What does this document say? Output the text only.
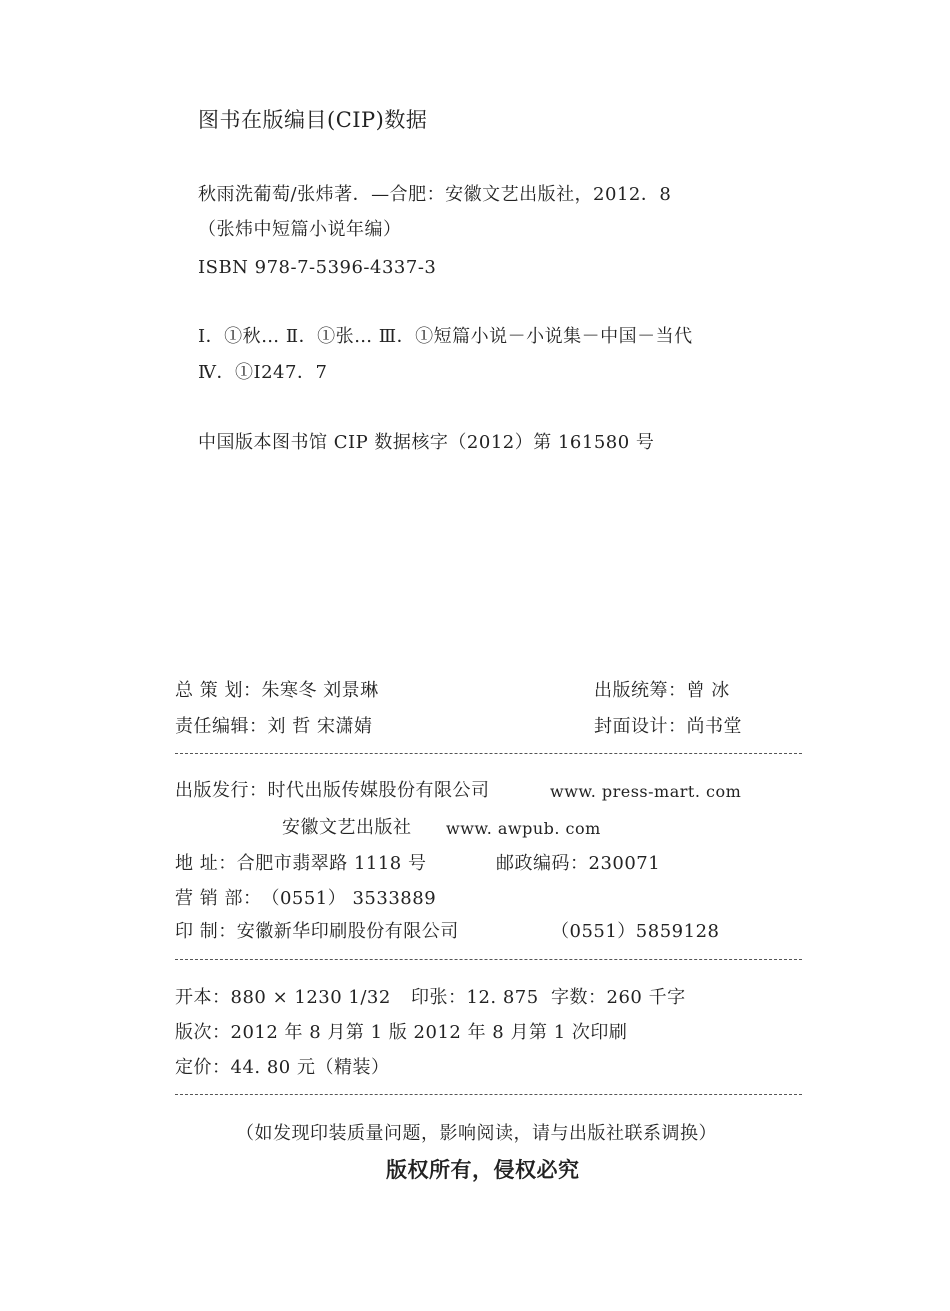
图书在版编目(CIP)数据
秋雨洗葡萄/张炜著．—合肥：安徽文艺出版社，2012．8
（张炜中短篇小说年编）
ISBN 978-7-5396-4337-3
Ⅰ．①秋… Ⅱ．①张… Ⅲ．①短篇小说－小说集－中国－当代
Ⅳ．①I247．7
中国版本图书馆 CIP 数据核字（2012）第 161580 号
总 策 划：朱寒冬 刘景琳	出版统筹：曾 冰
责任编辑：刘 哲 宋潇婧	封面设计：尚书堂
出版发行：时代出版传媒股份有限公司	www. press-mart. com
安徽文艺出版社 www. awpub. com
地 址：合肥市翡翠路 1118 号	邮政编码：230071
营 销 部：（0551） 3533889
印 制：安徽新华印刷股份有限公司	（0551）5859128
开本：880 × 1230 1/32 印张：12. 875 字数：260 千字
版次：2012 年 8 月第 1 版 2012 年 8 月第 1 次印刷
定价：44. 80 元（精装）
（如发现印装质量问题，影响阅读，请与出版社联系调换）
版权所有，侵权必究
